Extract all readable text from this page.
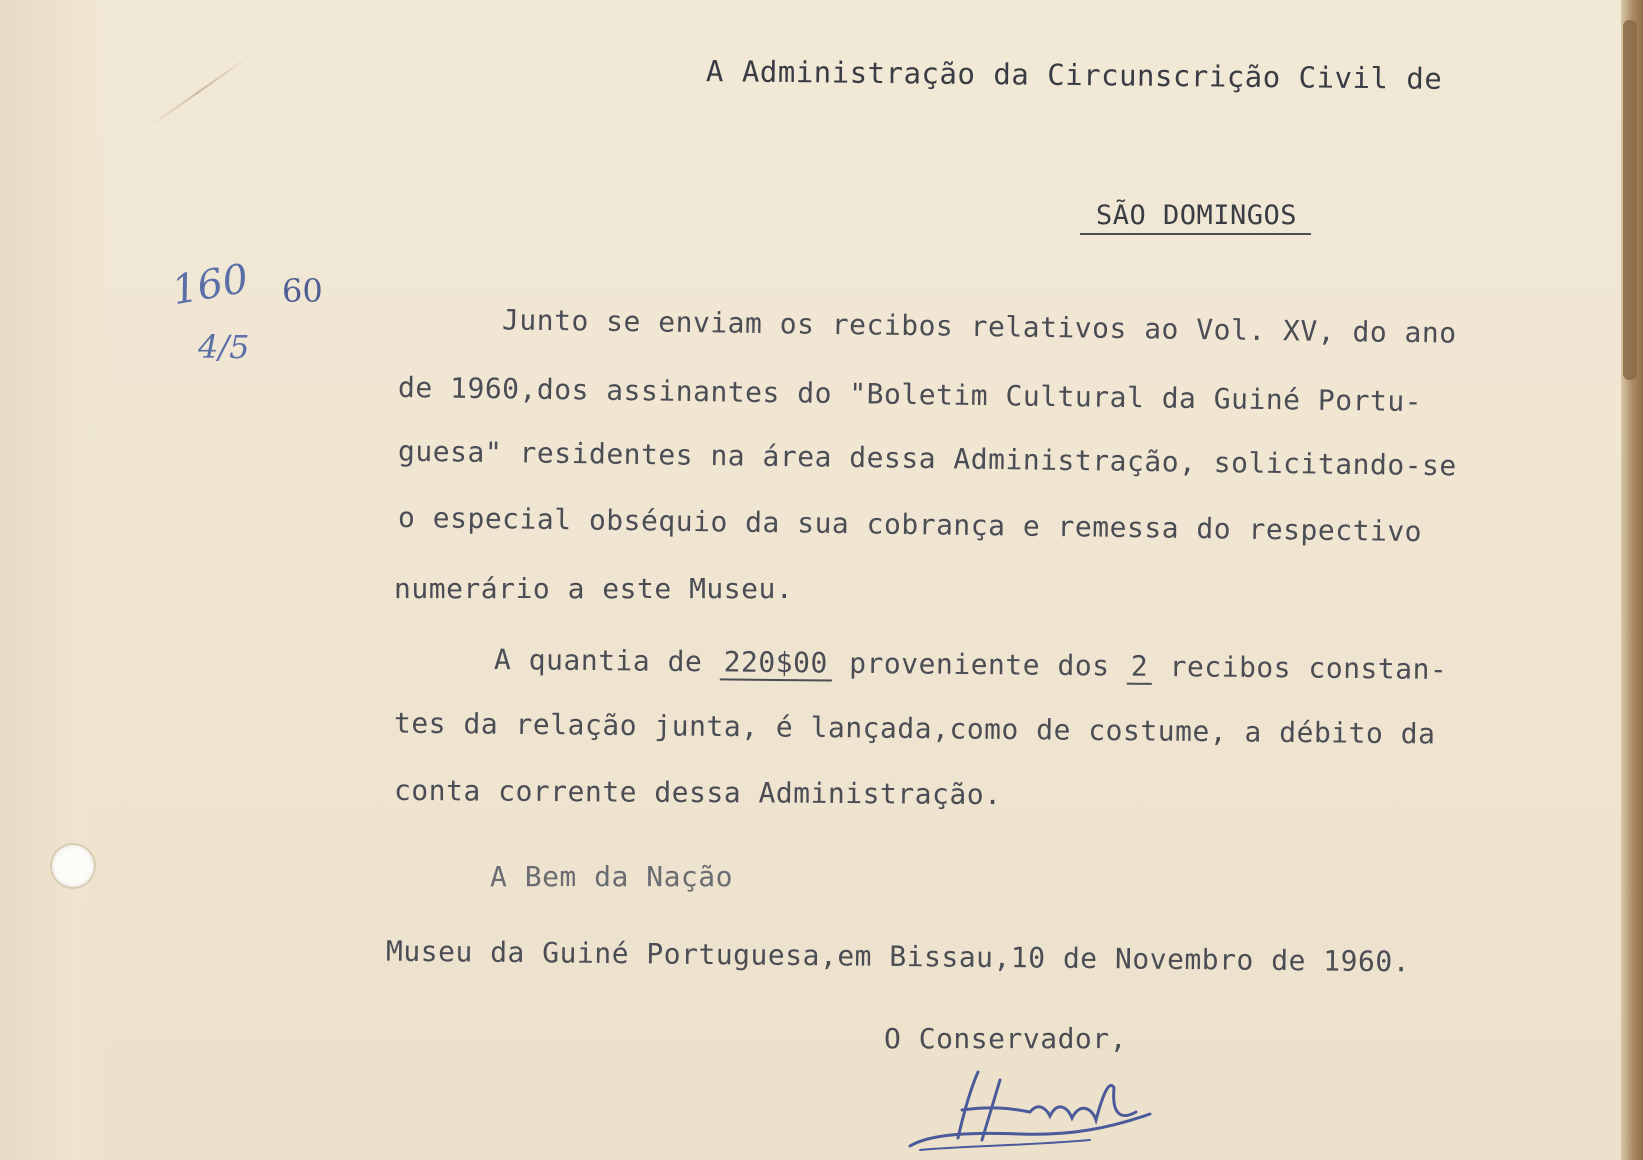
A Administração da Circunscrição Civil de

SÃO DOMINGOS

160 60
4/5	Junto se enviam os recibos relativos ao Vol. XV, do ano

de 1960,dos assinantes do "Boletim Cultural da Guiné Portu-

guesa" residentes na área dessa Administração, solicitando-se

o especial obséquio da sua cobrança e remessa do respectivo

numerário a este Museu.

A quantia de 220$00 proveniente dos 2 recibos constan-

tes da relação junta, é lançada,como de costume, a débito da

conta corrente dessa Administração.

A Bem da Nação

Museu da Guiné Portuguesa,em Bissau,10 de Novembro de 1960.

O Conservador,
